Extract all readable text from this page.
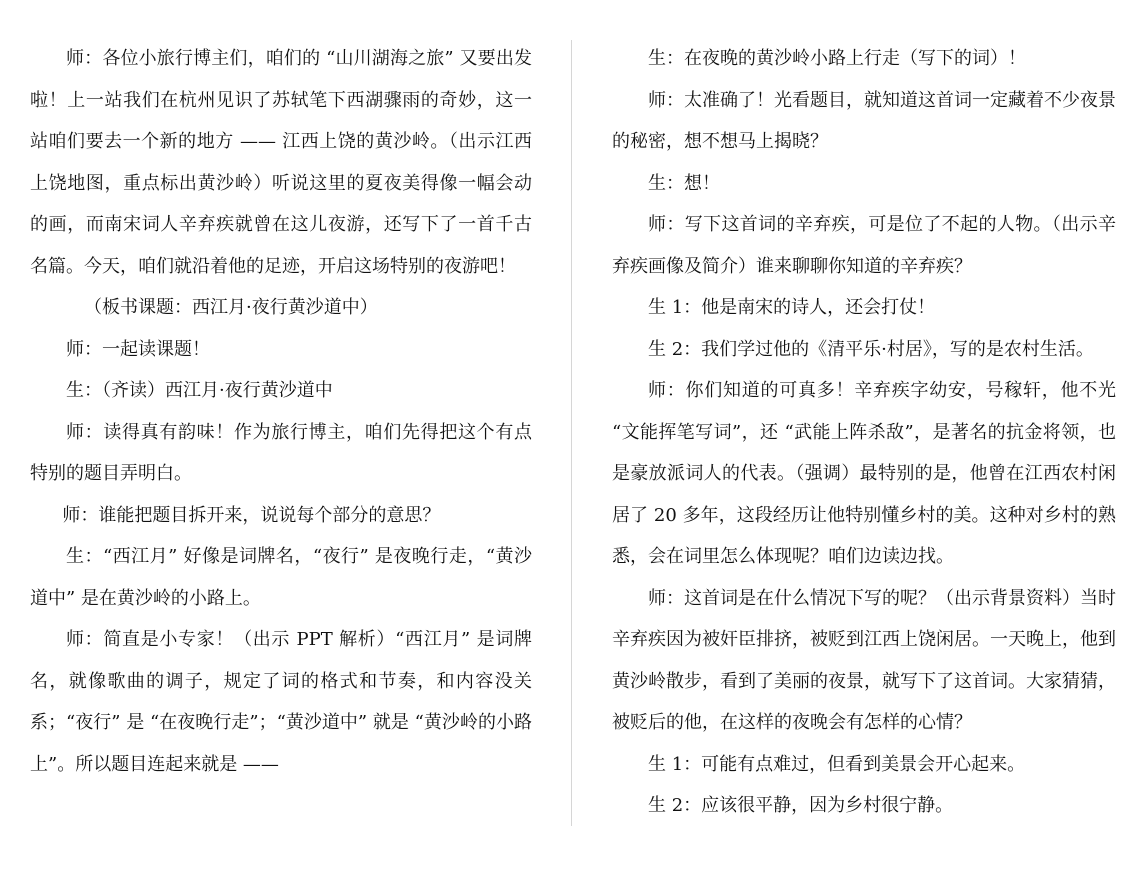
师：各位小旅行博主们，咱们的 “山川湖海之旅” 又要出发啦！上一站我们在杭州见识了苏轼笔下西湖骤雨的奇妙，这一站咱们要去一个新的地方 —— 江西上饶的黄沙岭。（出示江西上饶地图，重点标出黄沙岭）听说这里的夏夜美得像一幅会动的画，而南宋词人辛弃疾就曾在这儿夜游，还写下了一首千古名篇。今天，咱们就沿着他的足迹，开启这场特别的夜游吧！

（板书课题：西江月·夜行黄沙道中）

师：一起读课题！

生：（齐读）西江月·夜行黄沙道中

师：读得真有韵味！作为旅行博主，咱们先得把这个有点特别的题目弄明白。

师：谁能把题目拆开来，说说每个部分的意思？

生：“西江月” 好像是词牌名，“夜行” 是夜晚行走，“黄沙道中” 是在黄沙岭的小路上。

师：简直是小专家！（出示 PPT 解析）“西江月” 是词牌名，就像歌曲的调子，规定了词的格式和节奏，和内容没关系；“夜行” 是 “在夜晚行走”；“黄沙道中” 就是 “黄沙岭的小路上”。所以题目连起来就是 ——

生：在夜晚的黄沙岭小路上行走（写下的词）！

师：太准确了！光看题目，就知道这首词一定藏着不少夜景的秘密，想不想马上揭晓？

生：想！

师：写下这首词的辛弃疾，可是位了不起的人物。（出示辛弃疾画像及简介）谁来聊聊你知道的辛弃疾？

生 1：他是南宋的诗人，还会打仗！

生 2：我们学过他的《清平乐·村居》，写的是农村生活。

师：你们知道的可真多！辛弃疾字幼安，号稼轩，他不光 “文能挥笔写词”，还 “武能上阵杀敌”，是著名的抗金将领，也是豪放派词人的代表。（强调）最特别的是，他曾在江西农村闲居了 20 多年，这段经历让他特别懂乡村的美。这种对乡村的熟悉，会在词里怎么体现呢？咱们边读边找。

师：这首词是在什么情况下写的呢？（出示背景资料）当时辛弃疾因为被奸臣排挤，被贬到江西上饶闲居。一天晚上，他到黄沙岭散步，看到了美丽的夜景，就写下了这首词。大家猜猜，被贬后的他，在这样的夜晚会有怎样的心情？

生 1：可能有点难过，但看到美景会开心起来。

生 2：应该很平静，因为乡村很宁静。
